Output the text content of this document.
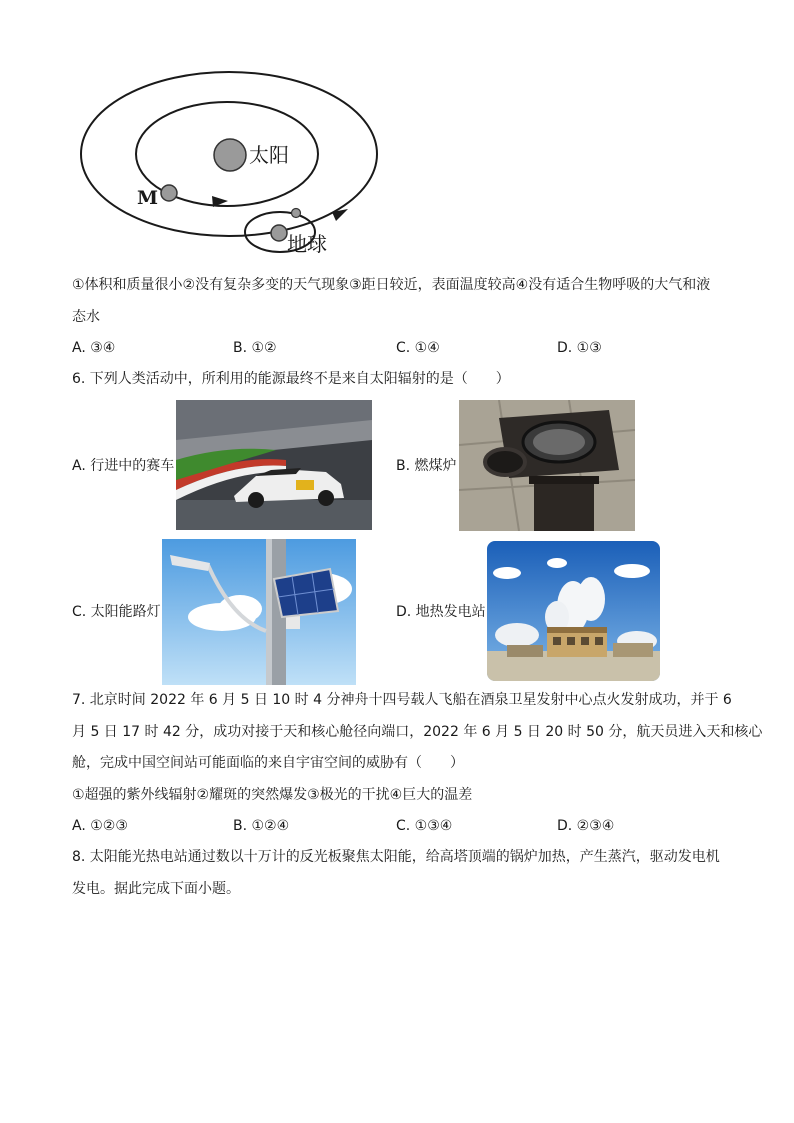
太阳
M
地球
①体积和质量很小②没有复杂多变的天气现象③距日较近，表面温度较高④没有适合生物呼吸的大气和液
态水
A. ③④	B. ①②	C. ①④	D. ①③
6. 下列人类活动中，所利用的能源最终不是来自太阳辐射的是（　　）
A. 行进中的赛车	B. 燃煤炉
C. 太阳能路灯	D. 地热发电站
7. 北京时间 2022 年 6 月 5 日 10 时 4 分神舟十四号载人飞船在酒泉卫星发射中心点火发射成功，并于 6
月 5 日 17 时 42 分，成功对接于天和核心舱径向端口，2022 年 6 月 5 日 20 时 50 分，航天员进入天和核心
舱，完成中国空间站可能面临的来自宇宙空间的威胁有（　　）
①超强的紫外线辐射②耀斑的突然爆发③极光的干扰④巨大的温差
A. ①②③	B. ①②④	C. ①③④	D. ②③④
8. 太阳能光热电站通过数以十万计的反光板聚焦太阳能，给高塔顶端的锅炉加热，产生蒸汽，驱动发电机
发电。据此完成下面小题。
